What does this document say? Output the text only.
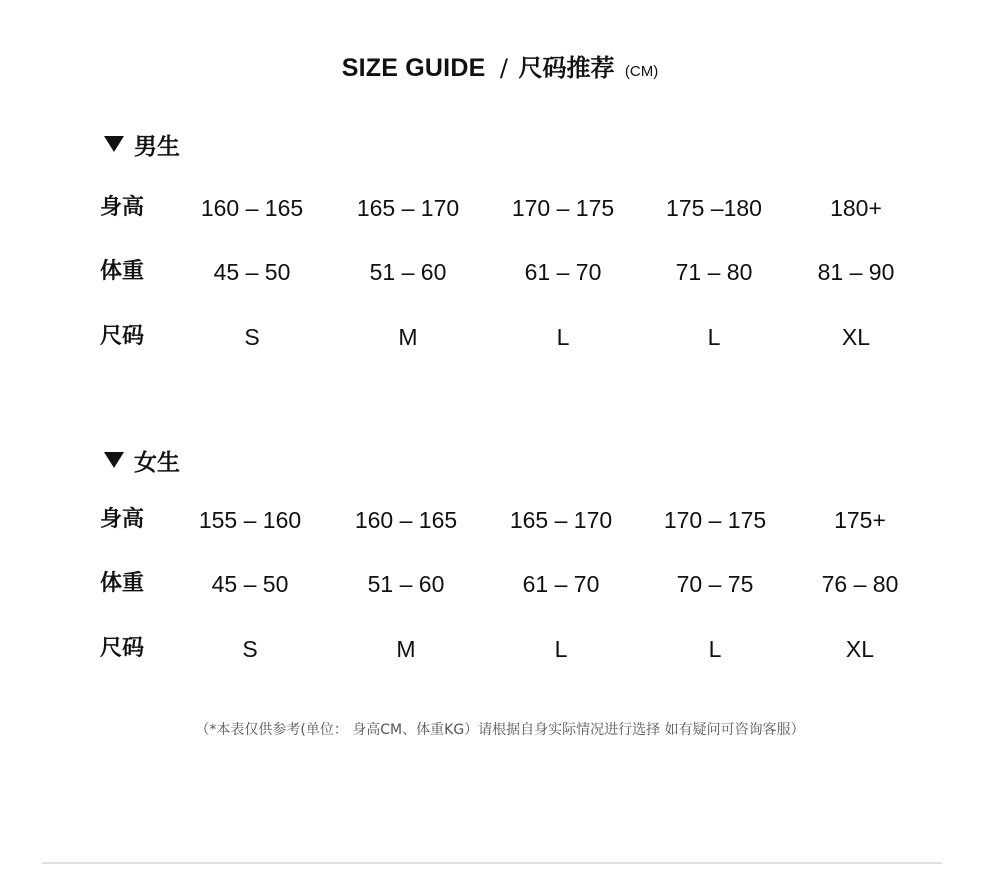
SIZE GUIDE / 尺码推荐 (CM)
男生
身高	160 – 165	165 – 170	170 – 175	175 –180	180+
体重	45 – 50	51 – 60	61 – 70	71 – 80	81 – 90
尺码	S	M	L	L	XL
女生
身高	155 – 160	160 – 165	165 – 170	170 – 175	175+
体重	45 – 50	51 – 60	61 – 70	70 – 75	76 – 80
尺码	S	M	L	L	XL
（*本表仅供参考(单位： 身高CM、体重KG）请根据自身实际情况进行选择 如有疑问可咨询客服）
